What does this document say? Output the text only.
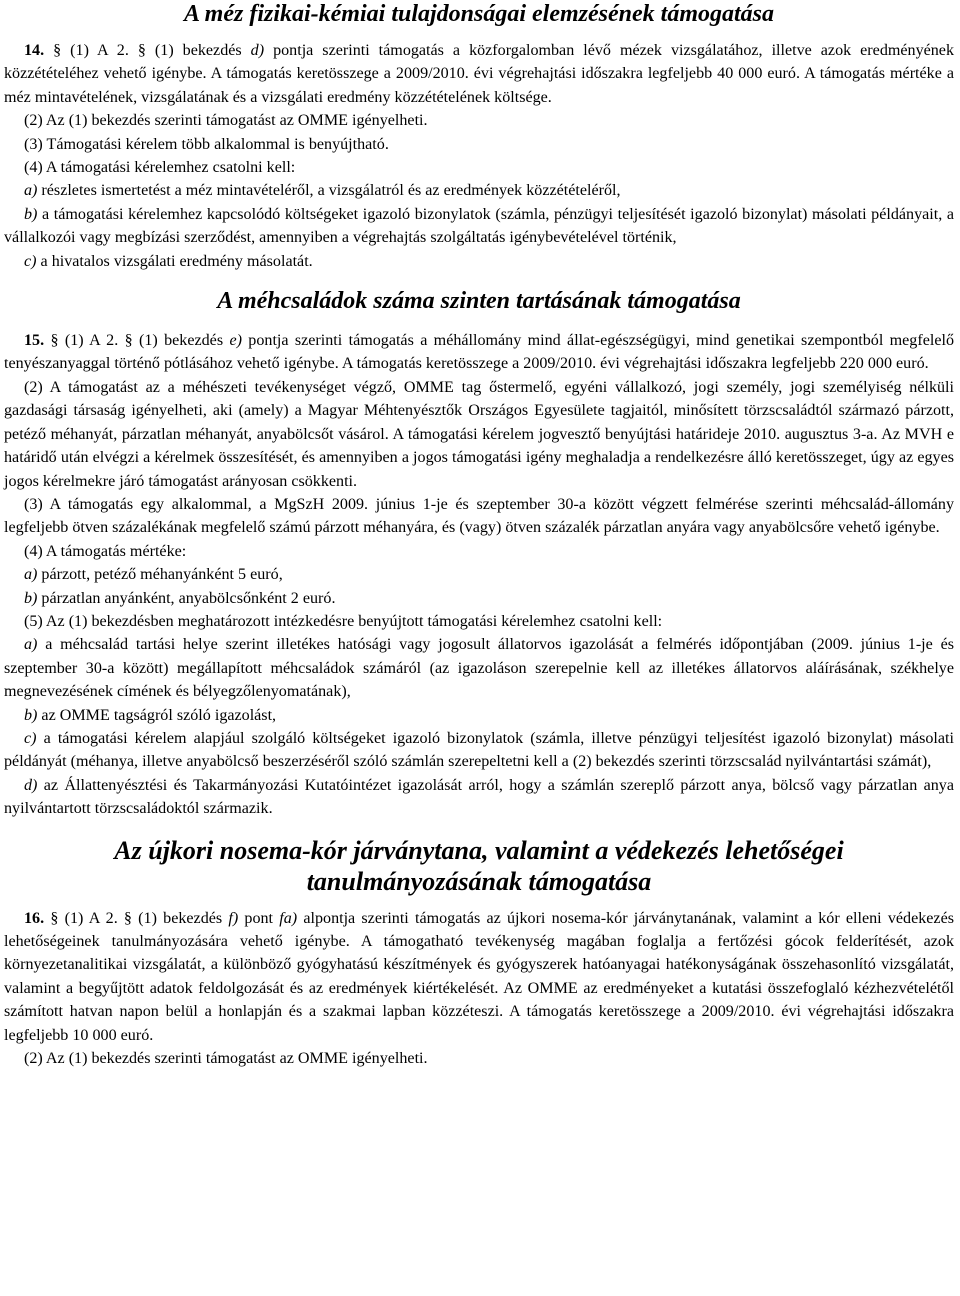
A méz fizikai-kémiai tulajdonságai elemzésének támogatása

14. § (1) A 2. § (1) bekezdés d) pontja szerinti támogatás a közforgalomban lévő mézek vizsgálatához, illetve azok eredményének közzétételéhez vehető igénybe. A támogatás keretösszege a 2009/2010. évi végrehajtási időszakra legfeljebb 40 000 euró. A támogatás mértéke a méz mintavételének, vizsgálatának és a vizsgálati eredmény közzétételének költsége.

(2) Az (1) bekezdés szerinti támogatást az OMME igényelheti.

(3) Támogatási kérelem több alkalommal is benyújtható.

(4) A támogatási kérelemhez csatolni kell:

a) részletes ismertetést a méz mintavételéről, a vizsgálatról és az eredmények közzétételéről,

b) a támogatási kérelemhez kapcsolódó költségeket igazoló bizonylatok (számla, pénzügyi teljesítését igazoló bizonylat) másolati példányait, a vállalkozói vagy megbízási szerződést, amennyiben a végrehajtás szolgáltatás igénybevételével történik,

c) a hivatalos vizsgálati eredmény másolatát.

A méhcsaládok száma szinten tartásának támogatása

15. § (1) A 2. § (1) bekezdés e) pontja szerinti támogatás a méhállomány mind állat-egészségügyi, mind genetikai szempontból megfelelő tenyészanyaggal történő pótlásához vehető igénybe. A támogatás keretösszege a 2009/2010. évi végrehajtási időszakra legfeljebb 220 000 euró.

(2) A támogatást az a méhészeti tevékenységet végző, OMME tag őstermelő, egyéni vállalkozó, jogi személy, jogi személyiség nélküli gazdasági társaság igényelheti, aki (amely) a Magyar Méhtenyésztők Országos Egyesülete tagjaitól, minősített törzscsaládtól származó párzott, petéző méhanyát, párzatlan méhanyát, anyabölcsőt vásárol. A támogatási kérelem jogvesztő benyújtási határideje 2010. augusztus 3-a. Az MVH e határidő után elvégzi a kérelmek összesítését, és amennyiben a jogos támogatási igény meghaladja a rendelkezésre álló keretösszeget, úgy az egyes jogos kérelmekre járó támogatást arányosan csökkenti.

(3) A támogatás egy alkalommal, a MgSzH 2009. június 1-je és szeptember 30-a között végzett felmérése szerinti méhcsalád-állomány legfeljebb ötven százalékának megfelelő számú párzott méhanyára, és (vagy) ötven százalék párzatlan anyára vagy anyabölcsőre vehető igénybe.

(4) A támogatás mértéke:

a) párzott, petéző méhanyánként 5 euró,

b) párzatlan anyánként, anyabölcsőnként 2 euró.

(5) Az (1) bekezdésben meghatározott intézkedésre benyújtott támogatási kérelemhez csatolni kell:

a) a méhcsalád tartási helye szerint illetékes hatósági vagy jogosult állatorvos igazolását a felmérés időpontjában (2009. június 1-je és szeptember 30-a között) megállapított méhcsaládok számáról (az igazoláson szerepelnie kell az illetékes állatorvos aláírásának, székhelye megnevezésének címének és bélyegzőlenyomatának),

b) az OMME tagságról szóló igazolást,

c) a támogatási kérelem alapjául szolgáló költségeket igazoló bizonylatok (számla, illetve pénzügyi teljesítést igazoló bizonylat) másolati példányát (méhanya, illetve anyabölcső beszerzéséről szóló számlán szerepeltetni kell a (2) bekezdés szerinti törzscsalád nyilvántartási számát),

d) az Állattenyésztési és Takarmányozási Kutatóintézet igazolását arról, hogy a számlán szereplő párzott anya, bölcső vagy párzatlan anya nyilvántartott törzscsaládoktól származik.

Az újkori nosema-kór járványtana, valamint a védekezés lehetőségei
tanulmányozásának támogatása

16. § (1) A 2. § (1) bekezdés f) pont fa) alpontja szerinti támogatás az újkori nosema-kór járványtanának, valamint a kór elleni védekezés lehetőségeinek tanulmányozására vehető igénybe. A támogatható tevékenység magában foglalja a fertőzési gócok felderítését, azok környezetanalitikai vizsgálatát, a különböző gyógyhatású készítmények és gyógyszerek hatóanyagai hatékonyságának összehasonlító vizsgálatát, valamint a begyűjtött adatok feldolgozását és az eredmények kiértékelését. Az OMME az eredményeket a kutatási összefoglaló kézhezvételétől számított hatvan napon belül a honlapján és a szakmai lapban közzéteszi. A támogatás keretösszege a 2009/2010. évi végrehajtási időszakra legfeljebb 10 000 euró.

(2) Az (1) bekezdés szerinti támogatást az OMME igényelheti.
